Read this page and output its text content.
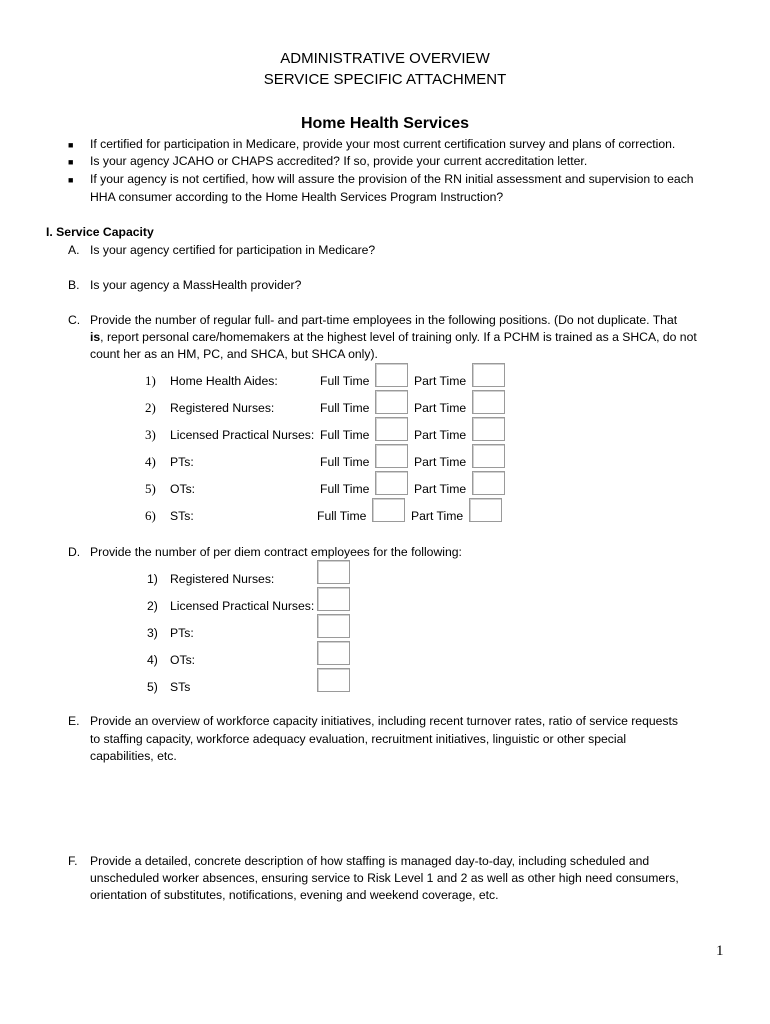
ADMINISTRATIVE OVERVIEW
SERVICE SPECIFIC ATTACHMENT
Home Health Services
■ If certified for participation in Medicare, provide your most current certification survey and plans of correction.
■ Is your agency JCAHO or CHAPS accredited? If so, provide your current accreditation letter.
■ If your agency is not certified, how will assure the provision of the RN initial assessment and supervision to each
HHA consumer according to the Home Health Services Program Instruction?
I. Service Capacity
A. Is your agency certified for participation in Medicare?
B. Is your agency a MassHealth provider?
C. Provide the number of regular full- and part-time employees in the following positions. (Do not duplicate. That
is, report personal care/homemakers at the highest level of training only. If a PCHM is trained as a SHCA, do not
count her as an HM, PC, and SHCA, but SHCA only).
1) Home Health Aides:	Full Time	Part Time
2) Registered Nurses:	Full Time	Part Time
3) Licensed Practical Nurses: Full Time	Part Time
4) PTs:	Full Time	Part Time
5) OTs:	Full Time	Part Time
6) STs:	Full Time	Part Time
D. Provide the number of per diem contract employees for the following:
1) Registered Nurses:
2) Licensed Practical Nurses:
3) PTs:
4) OTs:
5) STs
E. Provide an overview of workforce capacity initiatives, including recent turnover rates, ratio of service requests
to staffing capacity, workforce adequacy evaluation, recruitment initiatives, linguistic or other special
capabilities, etc.
F. Provide a detailed, concrete description of how staffing is managed day-to-day, including scheduled and
unscheduled worker absences, ensuring service to Risk Level 1 and 2 as well as other high need consumers,
orientation of substitutes, notifications, evening and weekend coverage, etc.
1
